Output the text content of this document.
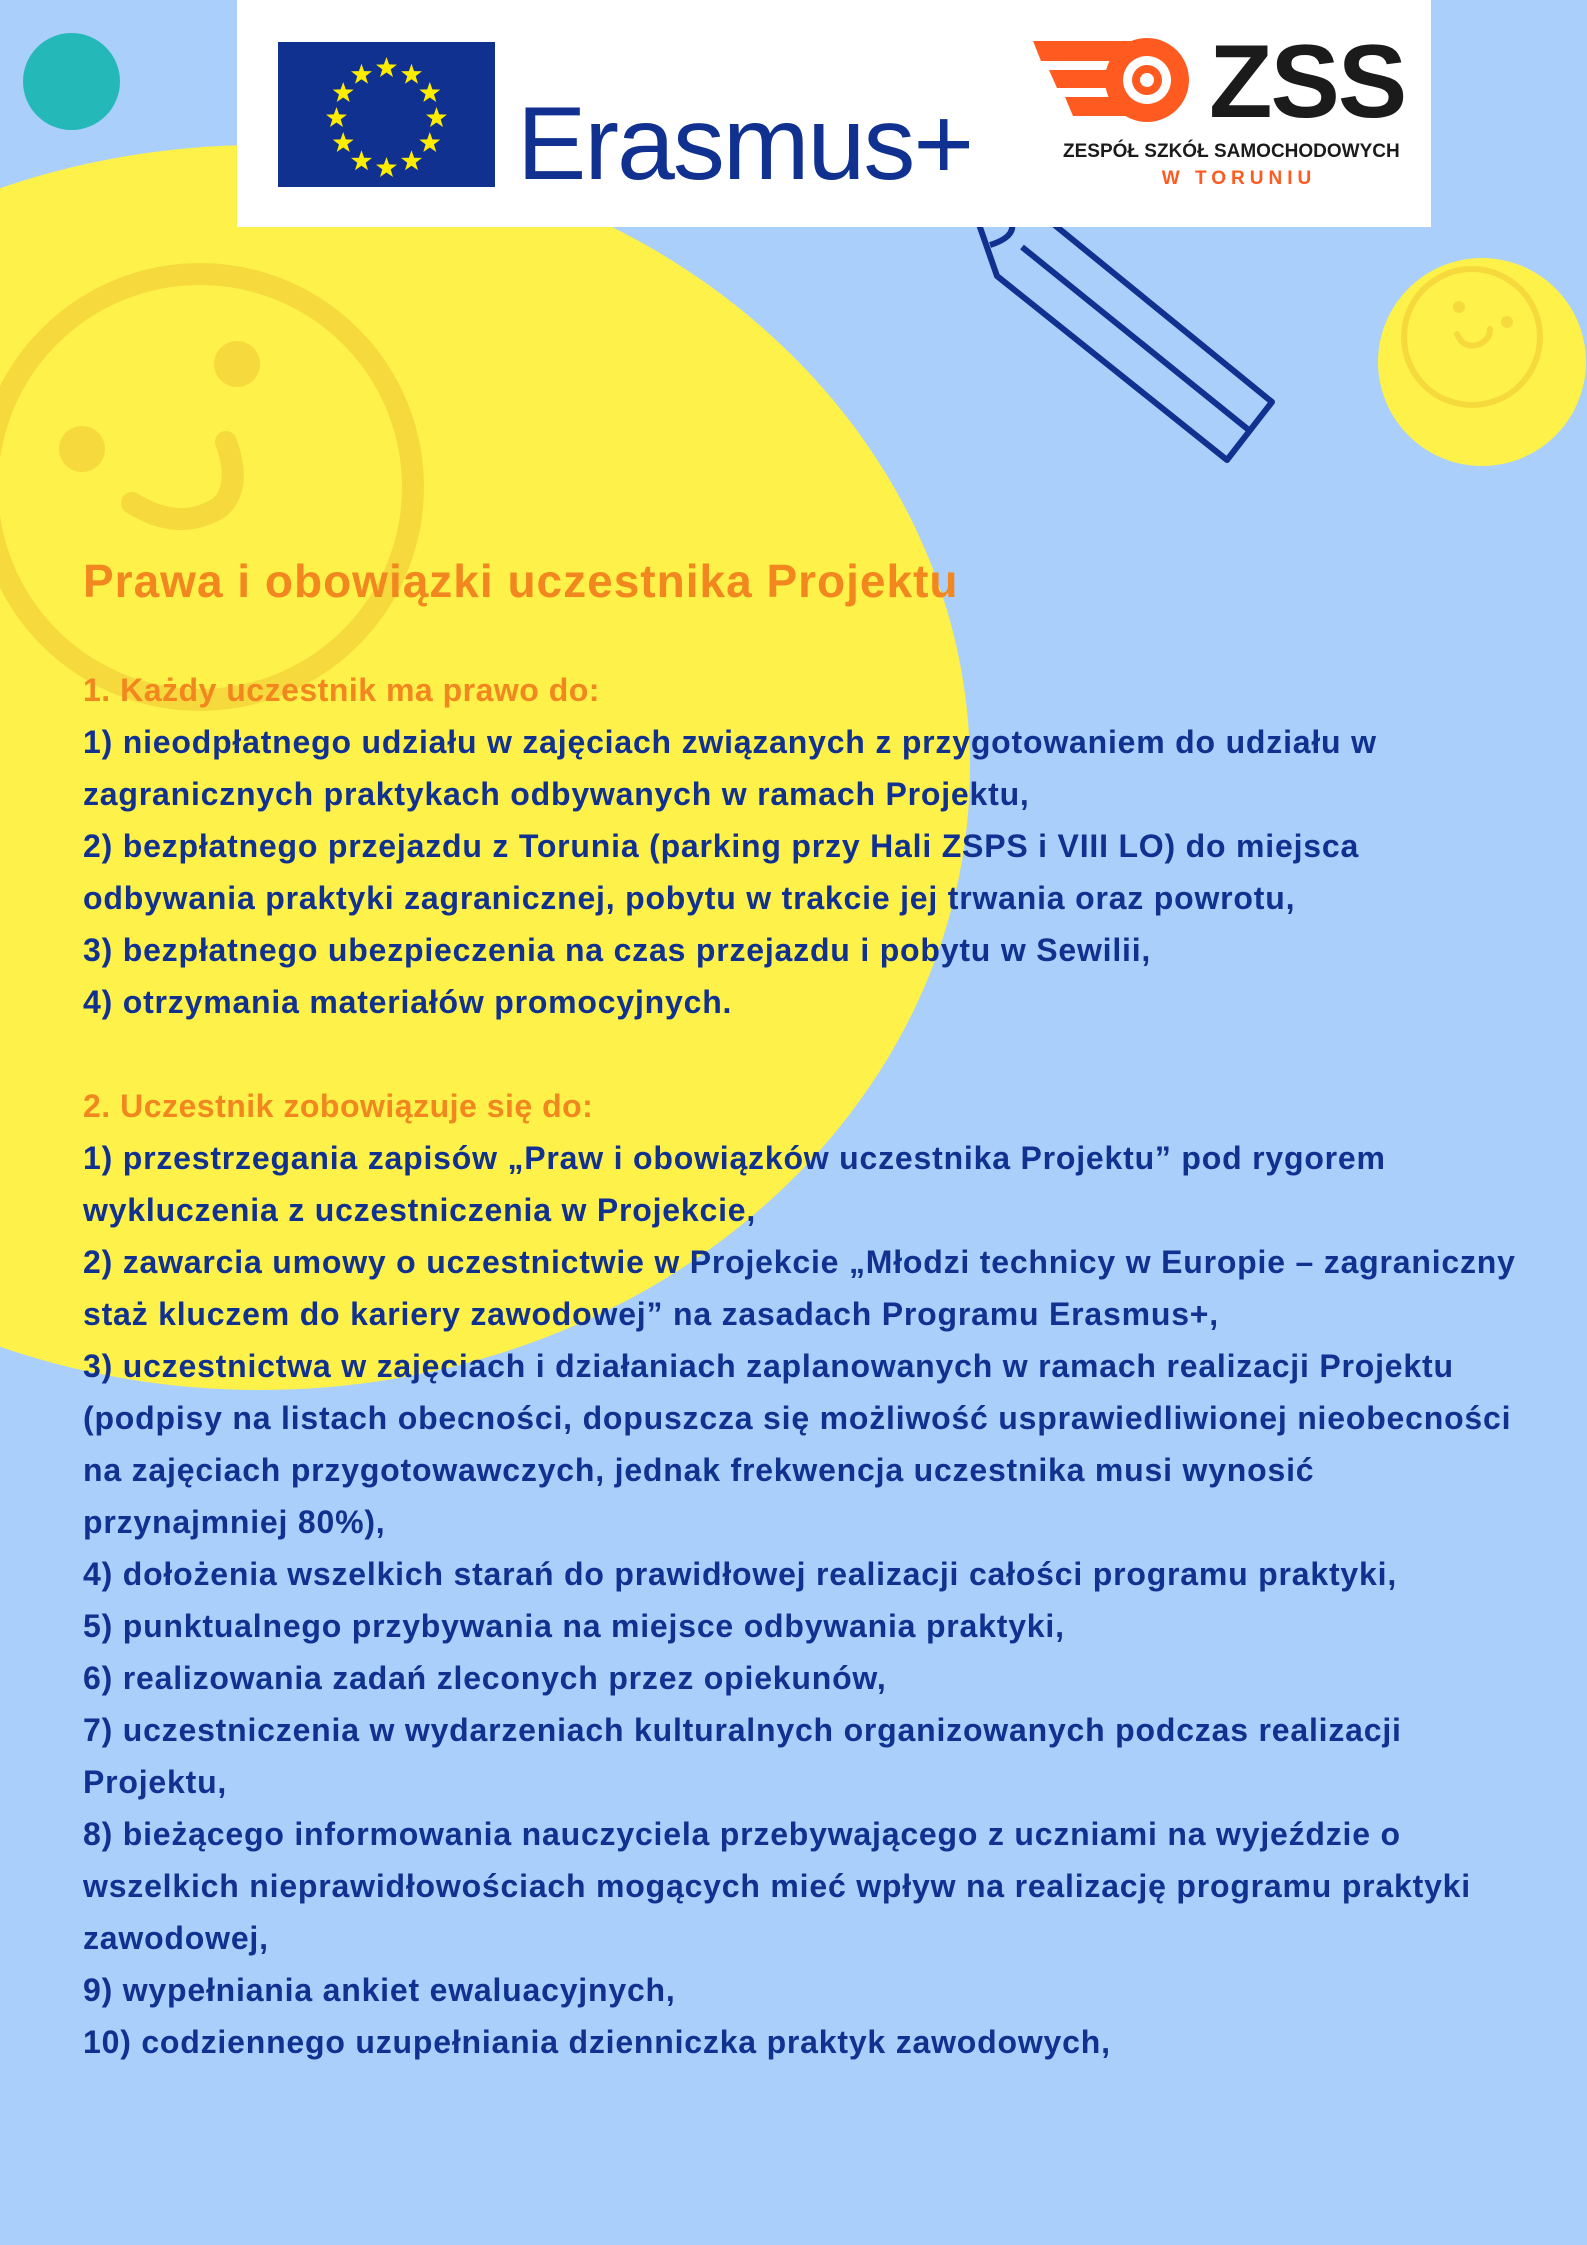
Erasmus+
ZSS
ZESPÓŁ SZKÓŁ SAMOCHODOWYCH
W TORUNIU
Prawa i obowiązki uczestnika Projektu
1. Każdy uczestnik ma prawo do:
1) nieodpłatnego udziału w zajęciach związanych z przygotowaniem do udziału w zagranicznych praktykach odbywanych w ramach Projektu,
2) bezpłatnego przejazdu z Torunia (parking przy Hali ZSPS i VIII LO) do miejsca odbywania praktyki zagranicznej, pobytu w trakcie jej trwania oraz powrotu,
3) bezpłatnego ubezpieczenia na czas przejazdu i pobytu w Sewilii,
4) otrzymania materiałów promocyjnych.
2. Uczestnik zobowiązuje się do:
1) przestrzegania zapisów „Praw i obowiązków uczestnika Projektu” pod rygorem wykluczenia z uczestniczenia w Projekcie,
2) zawarcia umowy o uczestnictwie w Projekcie „Młodzi technicy w Europie – zagraniczny staż kluczem do kariery zawodowej” na zasadach Programu Erasmus+,
3) uczestnictwa w zajęciach i działaniach zaplanowanych w ramach realizacji Projektu (podpisy na listach obecności, dopuszcza się możliwość usprawiedliwionej nieobecności na zajęciach przygotowawczych, jednak frekwencja uczestnika musi wynosić przynajmniej 80%),
4) dołożenia wszelkich starań do prawidłowej realizacji całości programu praktyki,
5) punktualnego przybywania na miejsce odbywania praktyki,
6) realizowania zadań zleconych przez opiekunów,
7) uczestniczenia w wydarzeniach kulturalnych organizowanych podczas realizacji Projektu,
8) bieżącego informowania nauczyciela przebywającego z uczniami na wyjeździe o wszelkich nieprawidłowościach mogących mieć wpływ na realizację programu praktyki zawodowej,
9) wypełniania ankiet ewaluacyjnych,
10) codziennego uzupełniania dzienniczka praktyk zawodowych,
